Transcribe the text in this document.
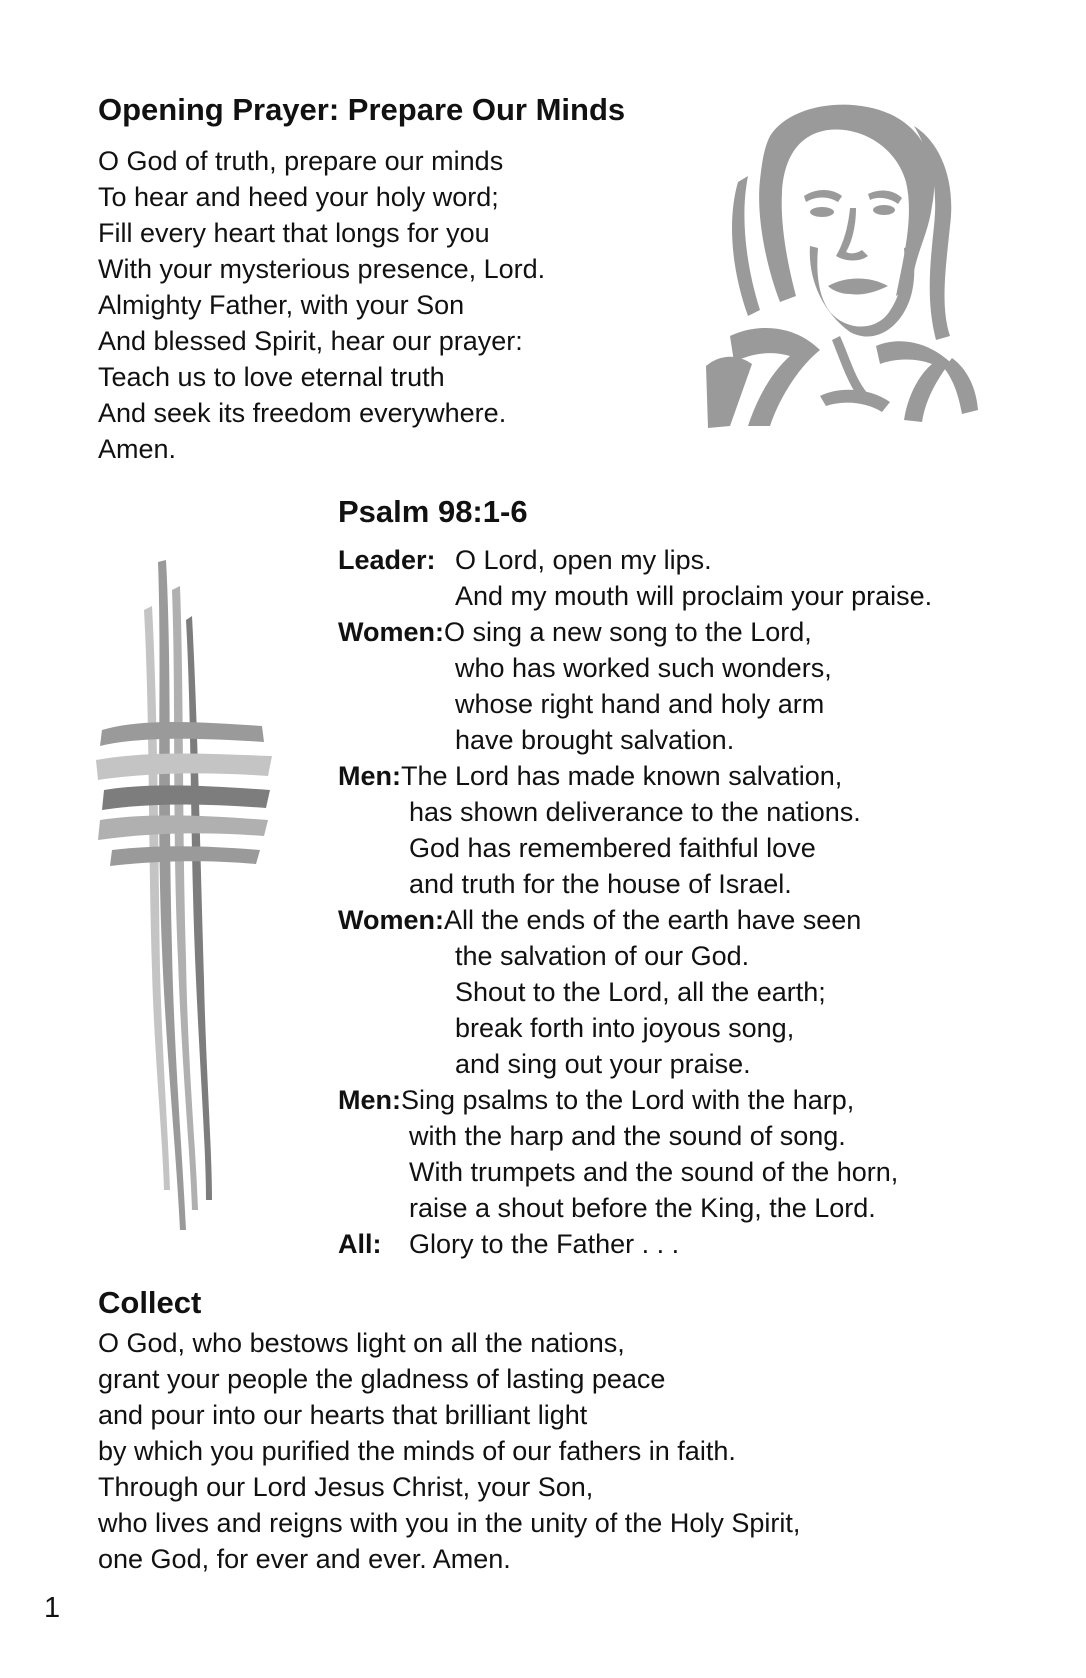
Opening Prayer: Prepare Our Minds
O God of truth, prepare our minds
To hear and heed your holy word;
Fill every heart that longs for you
With your mysterious presence, Lord.
Almighty Father, with your Son
And blessed Spirit, hear our prayer:
Teach us to love eternal truth
And seek its freedom everywhere.
Amen.
Psalm 98:1-6
Leader: O Lord, open my lips.
And my mouth will proclaim your praise.
Women:O sing a new song to the Lord,
who has worked such wonders,
whose right hand and holy arm
have brought salvation.
Men:The Lord has made known salvation,
has shown deliverance to the nations.
God has remembered faithful love
and truth for the house of Israel.
Women:All the ends of the earth have seen
the salvation of our God.
Shout to the Lord, all the earth;
break forth into joyous song,
and sing out your praise.
Men:Sing psalms to the Lord with the harp,
with the harp and the sound of song.
With trumpets and the sound of the horn,
raise a shout before the King, the Lord.
All: Glory to the Father . . .
Collect
O God, who bestows light on all the nations,
grant your people the gladness of lasting peace
and pour into our hearts that brilliant light
by which you purified the minds of our fathers in faith.
Through our Lord Jesus Christ, your Son,
who lives and reigns with you in the unity of the Holy Spirit,
one God, for ever and ever. Amen.
1
